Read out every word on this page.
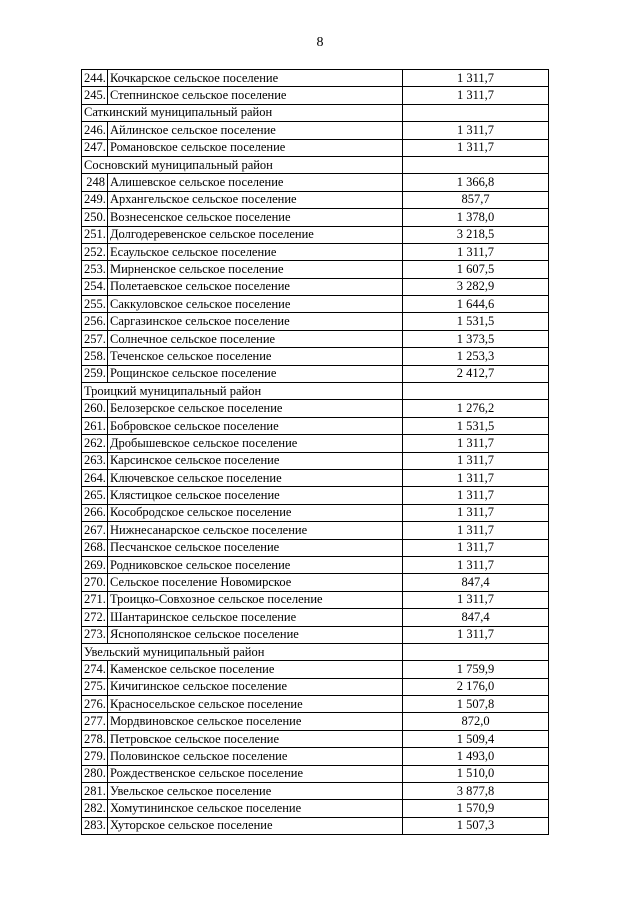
8
244.	Кочкарское сельское поселение	1 311,7
245.	Степнинское сельское поселение	1 311,7
Саткинский муниципальный район		
246.	Айлинское сельское поселение	1 311,7
247.	Романовское сельское поселение	1 311,7
Сосновский муниципальный район		
248	Алишевское сельское поселение	1 366,8
249.	Архангельское сельское поселение	857,7
250.	Вознесенское сельское поселение	1 378,0
251.	Долгодеревенское сельское поселение	3 218,5
252.	Есаульское сельское поселение	1 311,7
253.	Мирненское сельское поселение	1 607,5
254.	Полетаевское сельское поселение	3 282,9
255.	Саккуловское сельское поселение	1 644,6
256.	Саргазинское сельское поселение	1 531,5
257.	Солнечное сельское поселение	1 373,5
258.	Теченское сельское поселение	1 253,3
259.	Рощинское сельское поселение	2 412,7
Троицкий муниципальный район		
260.	Белозерское сельское поселение	1 276,2
261.	Бобровское сельское поселение	1 531,5
262.	Дробышевское сельское поселение	1 311,7
263.	Карсинское сельское поселение	1 311,7
264.	Ключевское сельское поселение	1 311,7
265.	Клястицкое сельское поселение	1 311,7
266.	Кособродское сельское поселение	1 311,7
267.	Нижнесанарское сельское поселение	1 311,7
268.	Песчанское сельское поселение	1 311,7
269.	Родниковское сельское поселение	1 311,7
270.	Сельское поселение Новомирское	847,4
271.	Троицко-Совхозное сельское поселение	1 311,7
272.	Шантаринское сельское поселение	847,4
273.	Яснополянское сельское поселение	1 311,7
Увельский муниципальный район		
274.	Каменское сельское поселение	1 759,9
275.	Кичигинское сельское поселение	2 176,0
276.	Красносельское сельское поселение	1 507,8
277.	Мордвиновское сельское поселение	872,0
278.	Петровское сельское поселение	1 509,4
279.	Половинское сельское поселение	1 493,0
280.	Рождественское сельское поселение	1 510,0
281.	Увельское сельское поселение	3 877,8
282.	Хомутининское сельское поселение	1 570,9
283.	Хуторское сельское поселение	1 507,3
